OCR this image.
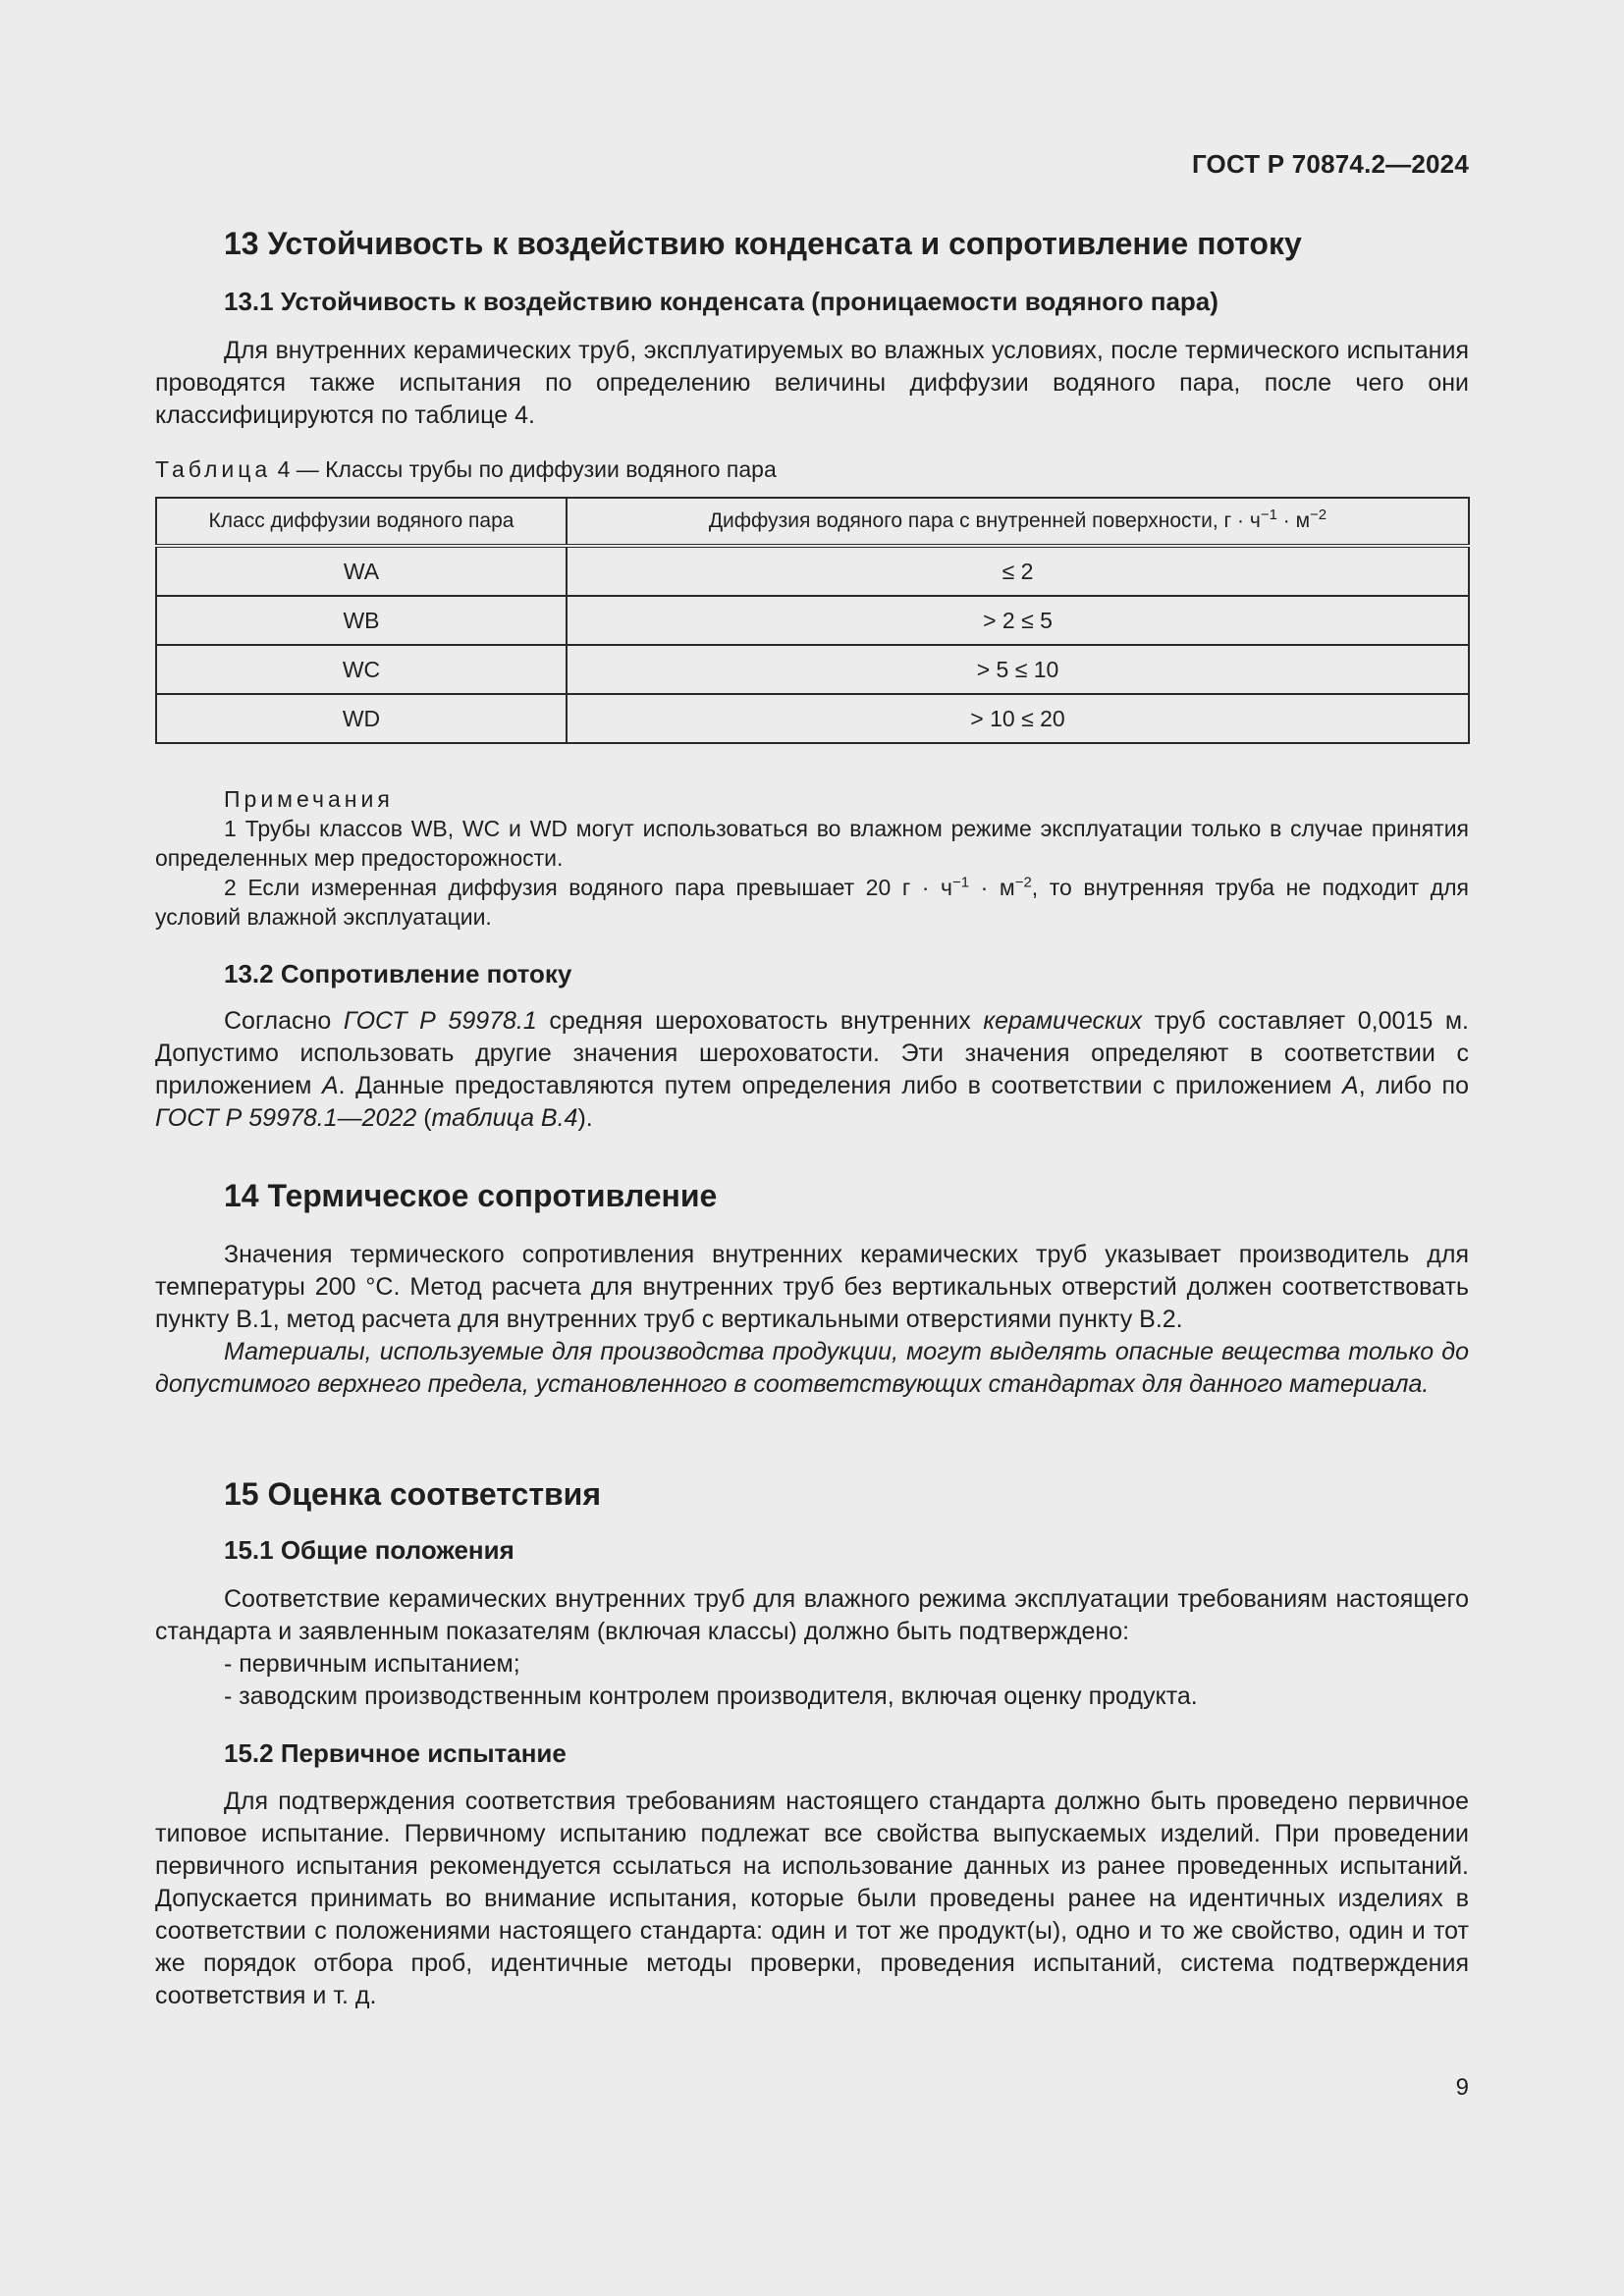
ГОСТ Р 70874.2—2024
13 Устойчивость к воздействию конденсата и сопротивление потоку
13.1 Устойчивость к воздействию конденсата (проницаемости водяного пара)

Для внутренних керамических труб, эксплуатируемых во влажных условиях, после термического испытания проводятся также испытания по определению величины диффузии водяного пара, после чего они классифицируются по таблице 4.

Таблица 4 — Классы трубы по диффузии водяного пара
Класс диффузии водяного пара	Диффузия водяного пара с внутренней поверхности, $г \cdot ч^{-1} \cdot м^{-2}$
WA	≤ 2
WB	> 2 ≤ 5
WC	> 5 ≤ 10
WD	> 10 ≤ 20
Примечания

1 Трубы классов WB, WC и WD могут использоваться во влажном режиме эксплуатации только в случае принятия определенных мер предосторожности.

2 Если измеренная диффузия водяного пара превышает 20 $г \cdot ч^{-1} \cdot м^{-2}$, то внутренняя труба не подходит для условий влажной эксплуатации.

13.2 Сопротивление потоку

Согласно ГОСТ Р 59978.1 средняя шероховатость внутренних керамических труб составляет 0,0015 м. Допустимо использовать другие значения шероховатости. Эти значения определяют в соответствии с приложением А. Данные предоставляются путем определения либо в соответствии с приложением А, либо по ГОСТ Р 59978.1—2022 (таблица В.4).

14 Термическое сопротивление

Значения термического сопротивления внутренних керамических труб указывает производитель для температуры 200 °С. Метод расчета для внутренних труб без вертикальных отверстий должен соответствовать пункту В.1, метод расчета для внутренних труб с вертикальными отверстиями пункту В.2.

Материалы, используемые для производства продукции, могут выделять опасные вещества только до допустимого верхнего предела, установленного в соответствующих стандартах для данного материала.

15 Оценка соответствия
15.1 Общие положения

Соответствие керамических внутренних труб для влажного режима эксплуатации требованиям настоящего стандарта и заявленным показателям (включая классы) должно быть подтверждено:

- первичным испытанием;
- заводским производственным контролем производителя, включая оценку продукта.
15.2 Первичное испытание

Для подтверждения соответствия требованиям настоящего стандарта должно быть проведено первичное типовое испытание. Первичному испытанию подлежат все свойства выпускаемых изделий. При проведении первичного испытания рекомендуется ссылаться на использование данных из ранее проведенных испытаний. Допускается принимать во внимание испытания, которые были проведены ранее на идентичных изделиях в соответствии с положениями настоящего стандарта: один и тот же продукт(ы), одно и то же свойство, один и тот же порядок отбора проб, идентичные методы проверки, проведения испытаний, система подтверждения соответствия и т. д.

9
